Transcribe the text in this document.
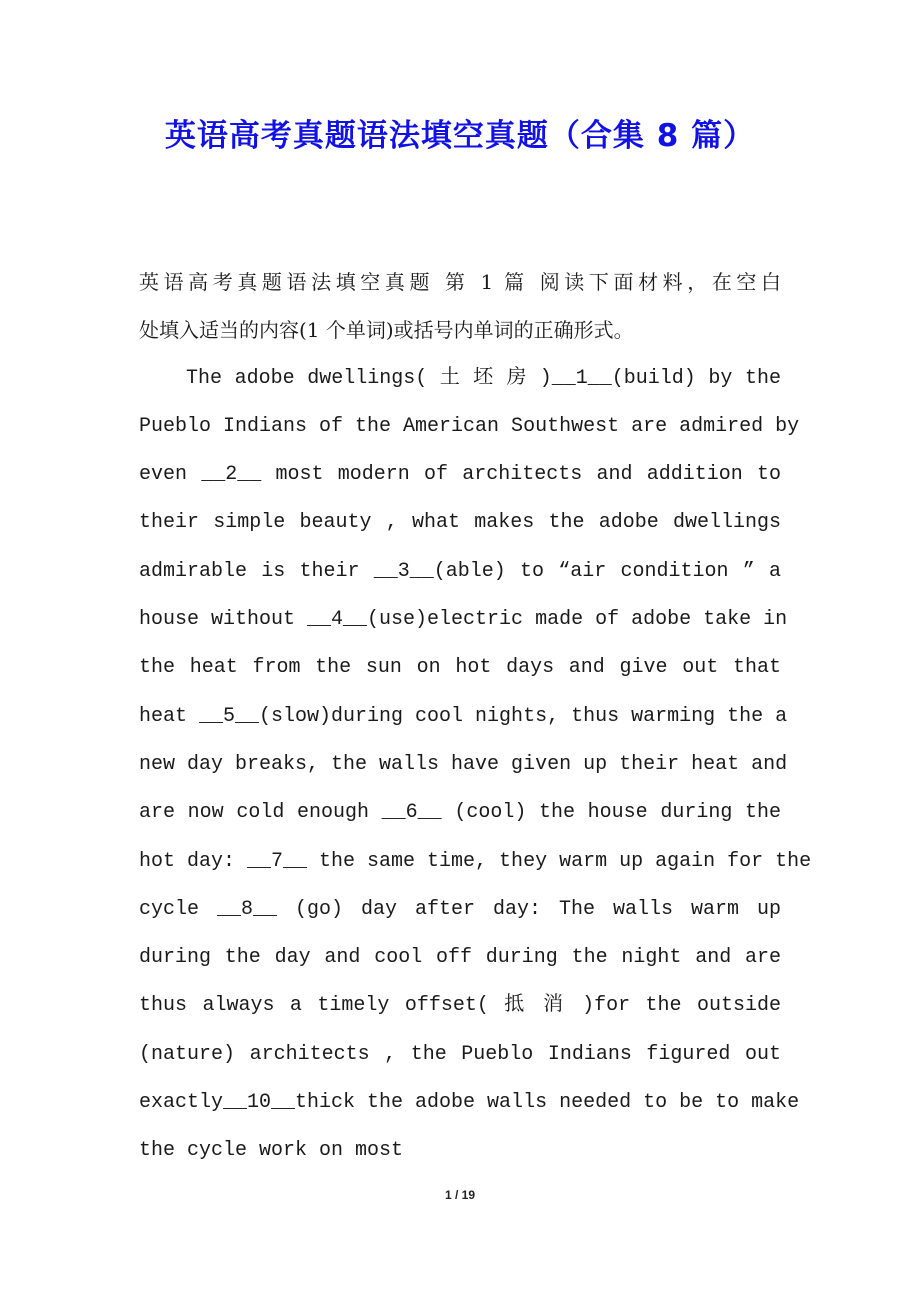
英语高考真题语法填空真题（合集 8 篇）
英语高考真题语法填空真题 第 1 篇 阅读下面材料，在空白
处填入适当的内容(1 个单词)或括号内单词的正确形式。
The adobe dwellings( 土 坯 房 )__1__(build) by the
Pueblo Indians of the American Southwest are admired by
even __2__ most modern of architects and addition to
their simple beauty , what makes the adobe dwellings
admirable is their __3__(able) to “air condition ” a
house without __4__(use)electric made of adobe take in
the heat from the sun on hot days and give out that
heat __5__(slow)during cool nights, thus warming the a
new day breaks, the walls have given up their heat and
are now cold enough __6__ (cool) the house during the
hot day: __7__ the same time, they warm up again for the
cycle __8__ (go) day after day: The walls warm up
during the day and cool off during the night and are
thus always a timely offset( 抵 消 )for the outside
(nature) architects , the Pueblo Indians figured out
exactly__10__thick the adobe walls needed to be to make
the cycle work on most
1 / 19
